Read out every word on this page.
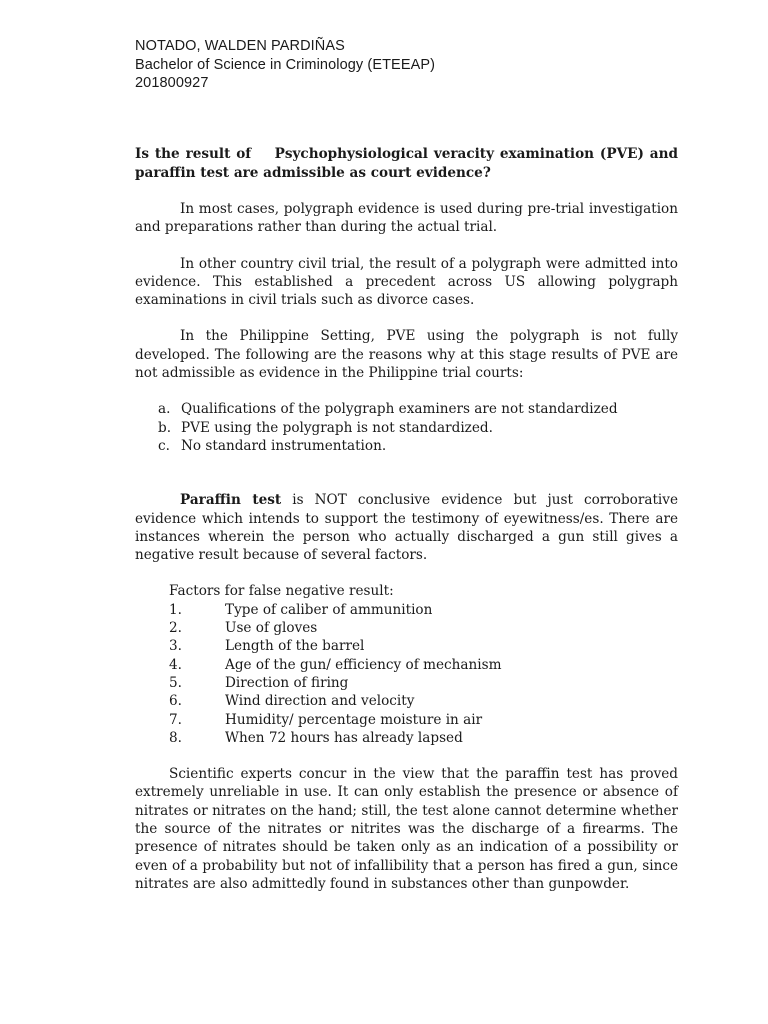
NOTADO, WALDEN PARDIÑAS
Bachelor of Science in Criminology (ETEEAP)
201800927

Is the result of    Psychophysiological veracity examination (PVE) and paraffin test are admissible as court evidence?

In most cases, polygraph evidence is used during pre-trial investigation and preparations rather than during the actual trial.

In other country civil trial, the result of a polygraph were admitted into evidence. This established a precedent across US allowing polygraph examinations in civil trials such as divorce cases.

In the Philippine Setting, PVE using the polygraph is not fully developed. The following are the reasons why at this stage results of PVE are not admissible as evidence in the Philippine trial courts:

a. Qualifications of the polygraph examiners are not standardized
b. PVE using the polygraph is not standardized.
c. No standard instrumentation.

Paraffin test is NOT conclusive evidence but just corroborative evidence which intends to support the testimony of eyewitness/es. There are instances wherein the person who actually discharged a gun still gives a negative result because of several factors.

Factors for false negative result:
1.	Type of caliber of ammunition
2.	Use of gloves
3.	Length of the barrel
4.	Age of the gun/ efficiency of mechanism
5.	Direction of firing
6.	Wind direction and velocity
7.	Humidity/ percentage moisture in air
8.	When 72 hours has already lapsed

Scientific experts concur in the view that the paraffin test has proved extremely unreliable in use. It can only establish the presence or absence of nitrates or nitrates on the hand; still, the test alone cannot determine whether the source of the nitrates or nitrites was the discharge of a firearms. The presence of nitrates should be taken only as an indication of a possibility or even of a probability but not of infallibility that a person has fired a gun, since nitrates are also admittedly found in substances other than gunpowder.
